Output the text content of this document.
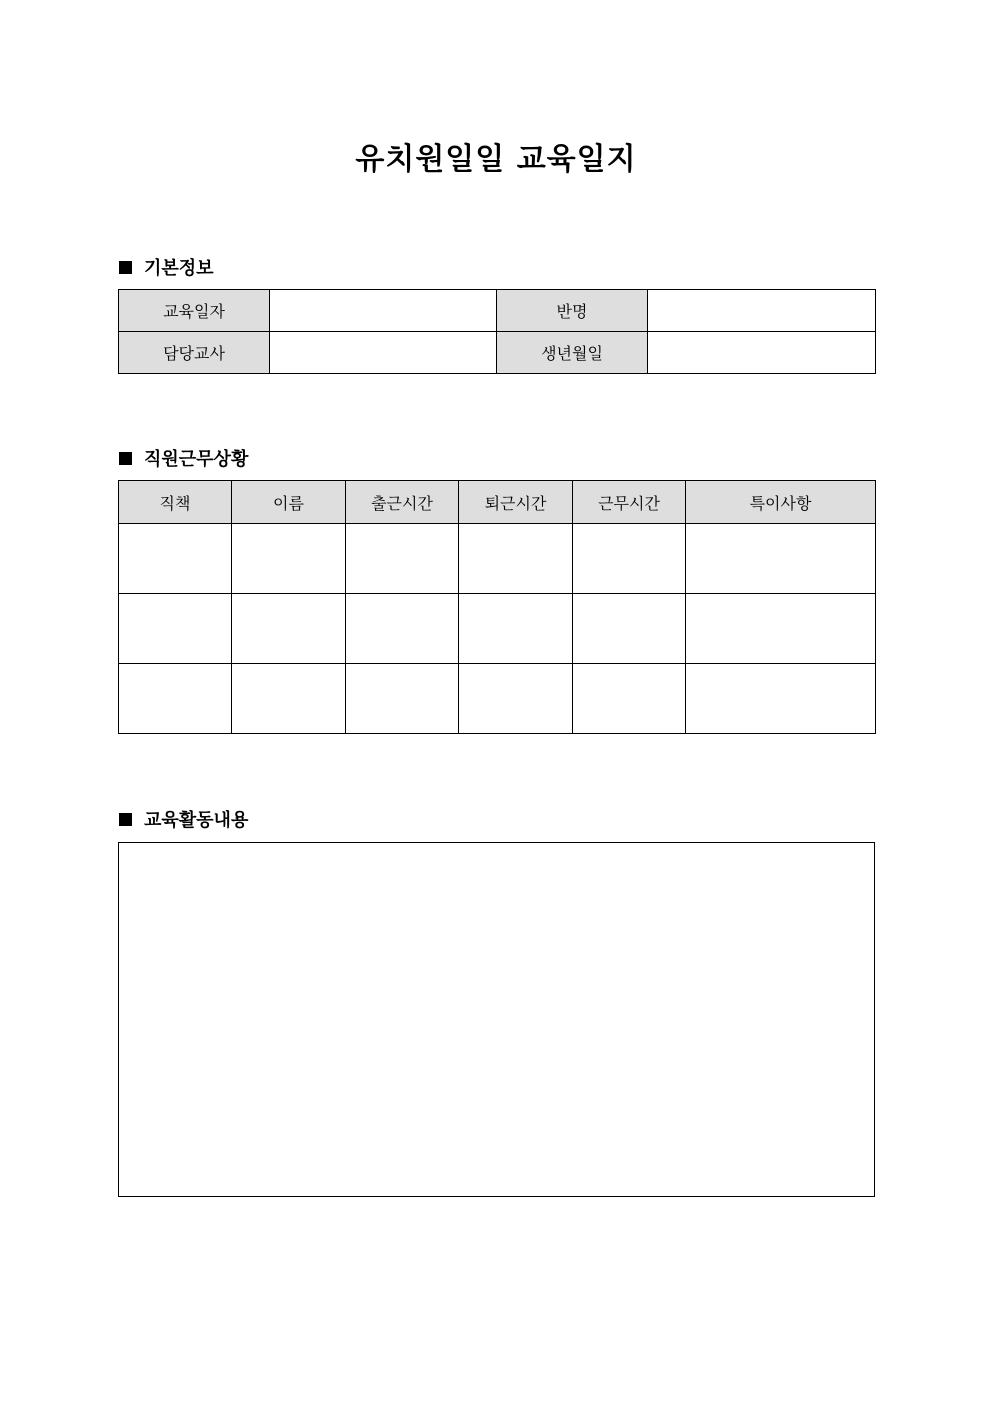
유치원일일 교육일지
기본정보
교육일자		반명	
담당교사		생년월일	
직원근무상황
직책	이름	출근시간	퇴근시간	근무시간	특이사항

교육활동내용
